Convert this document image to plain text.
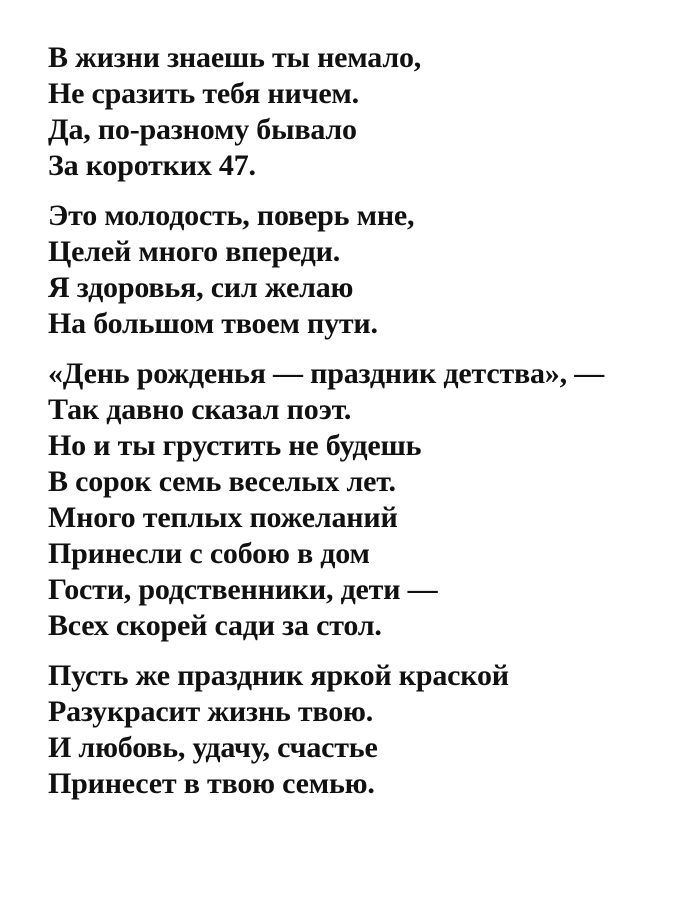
В жизни знаешь ты немало,
Не сразить тебя ничем.
Да, по-разному бывало
За коротких 47.
Это молодость, поверь мне,
Целей много впереди.
Я здоровья, сил желаю
На большом твоем пути.
«День рожденья — праздник детства», —
Так давно сказал поэт.
Но и ты грустить не будешь
В сорок семь веселых лет.
Много теплых пожеланий
Принесли с собою в дом
Гости, родственники, дети —
Всех скорей сади за стол.
Пусть же праздник яркой краской
Разукрасит жизнь твою.
И любовь, удачу, счастье
Принесет в твою семью.
